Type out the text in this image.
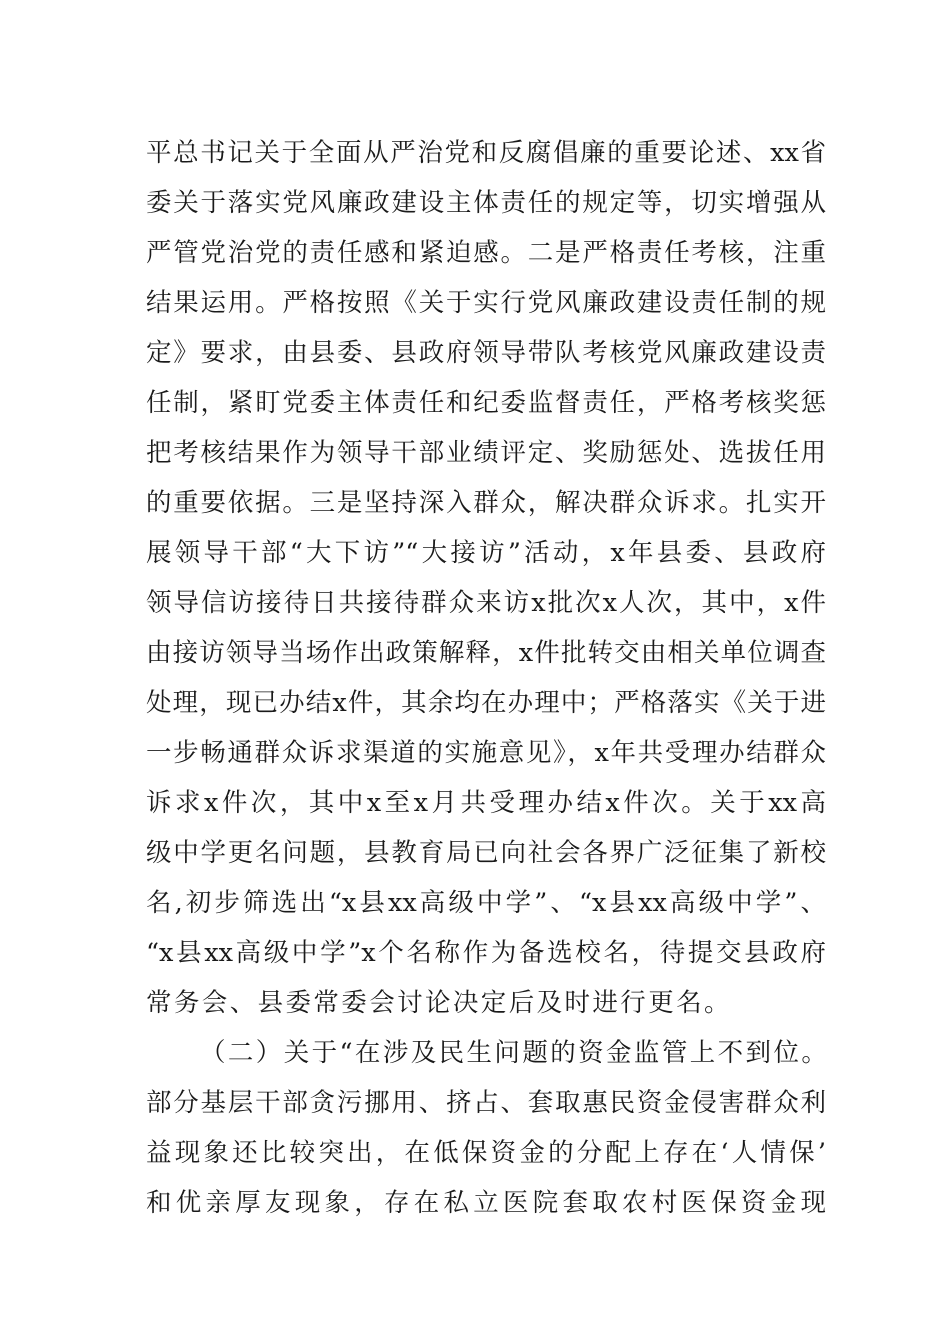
平总书记关于全面从严治党和反腐倡廉的重要论述、xx省
委关于落实党风廉政建设主体责任的规定等，切实增强从
严管党治党的责任感和紧迫感。二是严格责任考核，注重
结果运用。严格按照《关于实行党风廉政建设责任制的规
定》要求，由县委、县政府领导带队考核党风廉政建设责
任制，紧盯党委主体责任和纪委监督责任，严格考核奖惩
把考核结果作为领导干部业绩评定、奖励惩处、选拔任用
的重要依据。三是坚持深入群众，解决群众诉求。扎实开
展领导干部“大下访”“大接访”活动，x年县委、县政府
领导信访接待日共接待群众来访x批次x人次，其中，x件
由接访领导当场作出政策解释，x件批转交由相关单位调查
处理，现已办结x件，其余均在办理中；严格落实《关于进
一步畅通群众诉求渠道的实施意见》，x年共受理办结群众
诉求x件次，其中x至x月共受理办结x件次。关于xx高
级中学更名问题，县教育局已向社会各界广泛征集了新校
名,初步筛选出“x县xx高级中学”、“x县xx高级中学”、
“x县xx高级中学”x个名称作为备选校名，待提交县政府
常务会、县委常委会讨论决定后及时进行更名。
（二）关于“在涉及民生问题的资金监管上不到位。
部分基层干部贪污挪用、挤占、套取惠民资金侵害群众利
益现象还比较突出，在低保资金的分配上存在‘人情保’
和优亲厚友现象，存在私立医院套取农村医保资金现
